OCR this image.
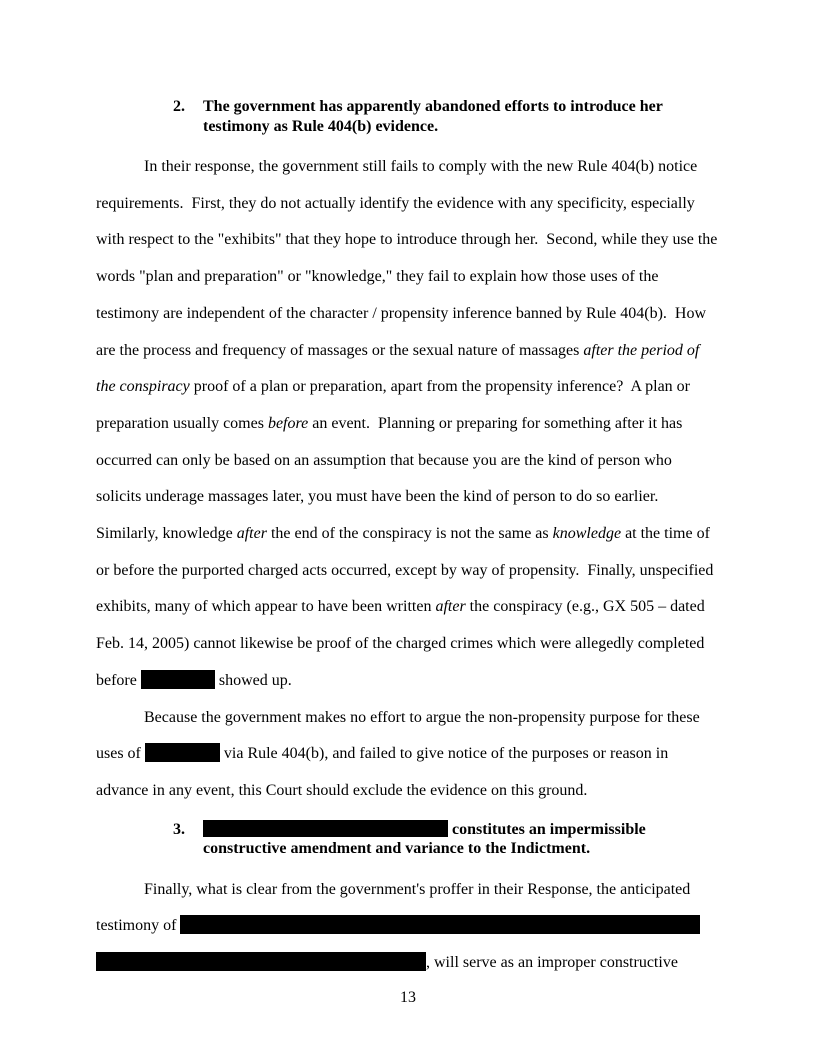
2.	The government has apparently abandoned efforts to introduce her testimony as Rule 404(b) evidence.

In their response, the government still fails to comply with the new Rule 404(b) notice requirements.  First, they do not actually identify the evidence with any specificity, especially with respect to the "exhibits" that they hope to introduce through her.  Second, while they use the words "plan and preparation" or "knowledge," they fail to explain how those uses of the testimony are independent of the character / propensity inference banned by Rule 404(b).  How are the process and frequency of massages or the sexual nature of massages after the period of the conspiracy proof of a plan or preparation, apart from the propensity inference?  A plan or preparation usually comes before an event.  Planning or preparing for something after it has occurred can only be based on an assumption that because you are the kind of person who solicits underage massages later, you must have been the kind of person to do so earlier.  Similarly, knowledge after the end of the conspiracy is not the same as knowledge at the time of or before the purported charged acts occurred, except by way of propensity.  Finally, unspecified exhibits, many of which appear to have been written after the conspiracy (e.g., GX 505 – dated Feb. 14, 2005) cannot likewise be proof of the charged crimes which were allegedly completed before	showed up.

Because the government makes no effort to argue the non-propensity purpose for these uses of	via Rule 404(b), and failed to give notice of the purposes or reason in advance in any event, this Court should exclude the evidence on this ground.

3.	constitutes an impermissible constructive amendment and variance to the Indictment.

Finally, what is clear from the government's proffer in their Response, the anticipated testimony of  , will serve as an improper constructive

13
